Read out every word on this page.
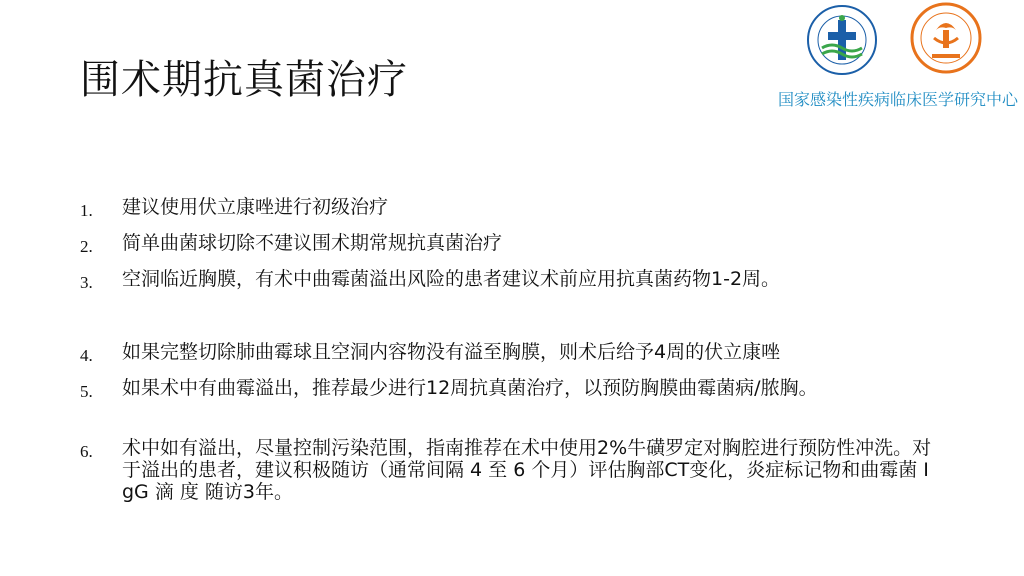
围术期抗真菌治疗	国家感染性疾病临床医学研究中心
1.	建议使用伏立康唑进行初级治疗
2.	简单曲菌球切除不建议围术期常规抗真菌治疗
3.	空洞临近胸膜，有术中曲霉菌溢出风险的患者建议术前应用抗真菌药物1-2周。
4.	如果完整切除肺曲霉球且空洞内容物没有溢至胸膜，则术后给予4周的伏立康唑
5.	如果术中有曲霉溢出，推荐最少进行12周抗真菌治疗，以预防胸膜曲霉菌病/脓胸。
6.	术中如有溢出，尽量控制污染范围，指南推荐在术中使用2%牛磺罗定对胸腔进行预防性冲洗。对于溢出的患者，建议积极随访（通常间隔 4 至 6 个月）评估胸部CT变化，炎症标记物和曲霉菌 IgG 滴 度 随访3年。
